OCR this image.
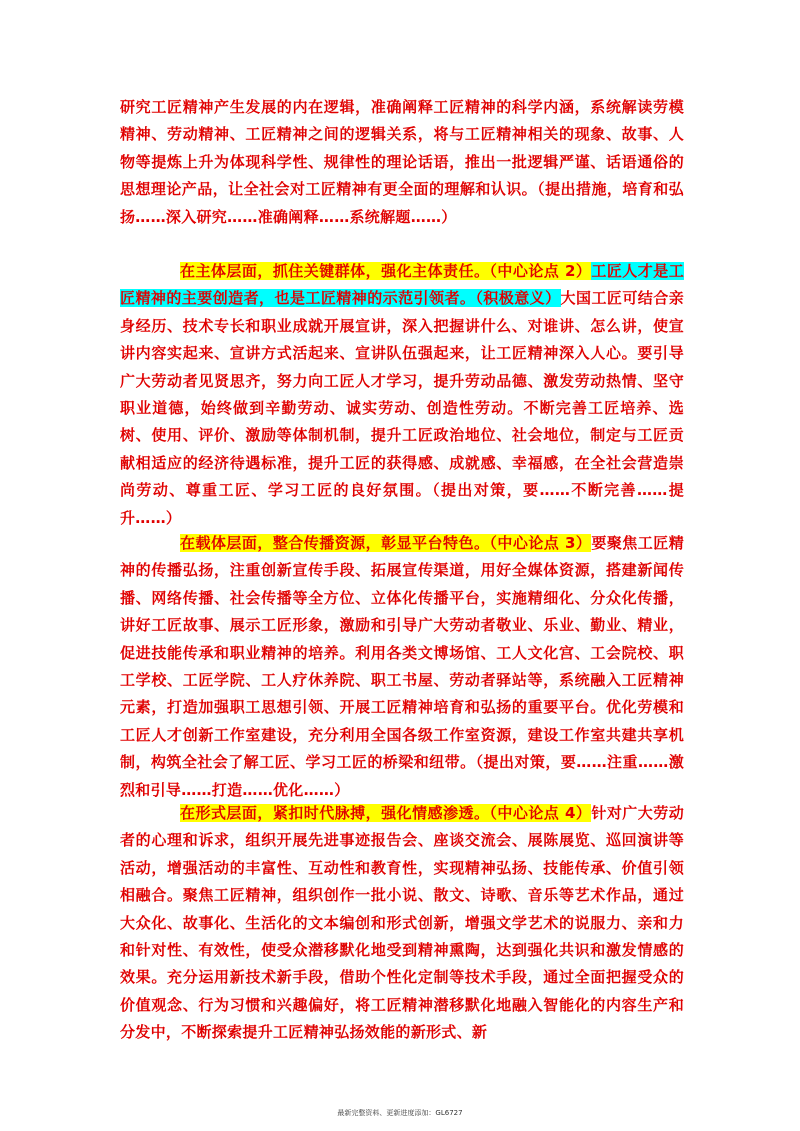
研究工匠精神产生发展的内在逻辑，准确阐释工匠精神的科学内涵，系统解读劳模精神、劳动精神、工匠精神之间的逻辑关系，将与工匠精神相关的现象、故事、人物等提炼上升为体现科学性、规律性的理论话语，推出一批逻辑严谨、话语通俗的思想理论产品，让全社会对工匠精神有更全面的理解和认识。（提出措施，培育和弘扬……深入研究……准确阐释……系统解题……）

在主体层面，抓住关键群体，强化主体责任。（中心论点 2）工匠人才是工匠精神的主要创造者，也是工匠精神的示范引领者。（积极意义）大国工匠可结合亲身经历、技术专长和职业成就开展宣讲，深入把握讲什么、对谁讲、怎么讲，使宣讲内容实起来、宣讲方式活起来、宣讲队伍强起来，让工匠精神深入人心。要引导广大劳动者见贤思齐，努力向工匠人才学习，提升劳动品德、激发劳动热情、坚守职业道德，始终做到辛勤劳动、诚实劳动、创造性劳动。不断完善工匠培养、选树、使用、评价、激励等体制机制，提升工匠政治地位、社会地位，制定与工匠贡献相适应的经济待遇标准，提升工匠的获得感、成就感、幸福感，在全社会营造崇尚劳动、尊重工匠、学习工匠的良好氛围。（提出对策，要……不断完善……提升……）

在载体层面，整合传播资源，彰显平台特色。（中心论点 3）要聚焦工匠精神的传播弘扬，注重创新宣传手段、拓展宣传渠道，用好全媒体资源，搭建新闻传播、网络传播、社会传播等全方位、立体化传播平台，实施精细化、分众化传播，讲好工匠故事、展示工匠形象，激励和引导广大劳动者敬业、乐业、勤业、精业，促进技能传承和职业精神的培养。利用各类文博场馆、工人文化宫、工会院校、职工学校、工匠学院、工人疗休养院、职工书屋、劳动者驿站等，系统融入工匠精神元素，打造加强职工思想引领、开展工匠精神培育和弘扬的重要平台。优化劳模和工匠人才创新工作室建设，充分利用全国各级工作室资源，建设工作室共建共享机制，构筑全社会了解工匠、学习工匠的桥梁和纽带。（提出对策，要……注重……激烈和引导……打造……优化……）

在形式层面，紧扣时代脉搏，强化情感渗透。（中心论点 4）针对广大劳动者的心理和诉求，组织开展先进事迹报告会、座谈交流会、展陈展览、巡回演讲等活动，增强活动的丰富性、互动性和教育性，实现精神弘扬、技能传承、价值引领相融合。聚焦工匠精神，组织创作一批小说、散文、诗歌、音乐等艺术作品，通过大众化、故事化、生活化的文本编创和形式创新，增强文学艺术的说服力、亲和力和针对性、有效性，使受众潜移默化地受到精神熏陶，达到强化共识和激发情感的效果。充分运用新技术新手段，借助个性化定制等技术手段，通过全面把握受众的价值观念、行为习惯和兴趣偏好，将工匠精神潜移默化地融入智能化的内容生产和分发中，不断探索提升工匠精神弘扬效能的新形式、新

最新完整资料、更新进度添加：GL6727
